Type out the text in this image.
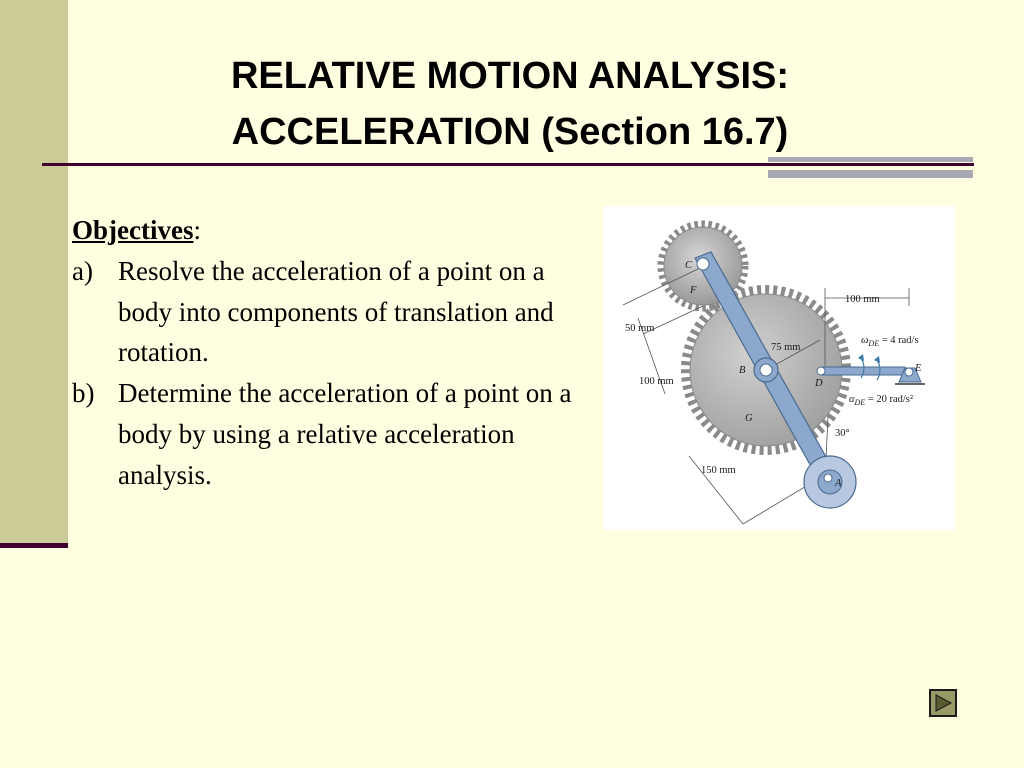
RELATIVE MOTION ANALYSIS:
ACCELERATION (Section 16.7)
Objectives:
a) Resolve the acceleration of a point on a body into components of translation and rotation.
b) Determine the acceleration of a point on a body by using a relative acceleration analysis.
C
F
B
G
D
E
A
100 mm
50 mm
100 mm
75 mm
150 mm
30°
$\omega_{DE} = 4$ rad/s
$\alpha_{DE} = 20$ rad/s²
